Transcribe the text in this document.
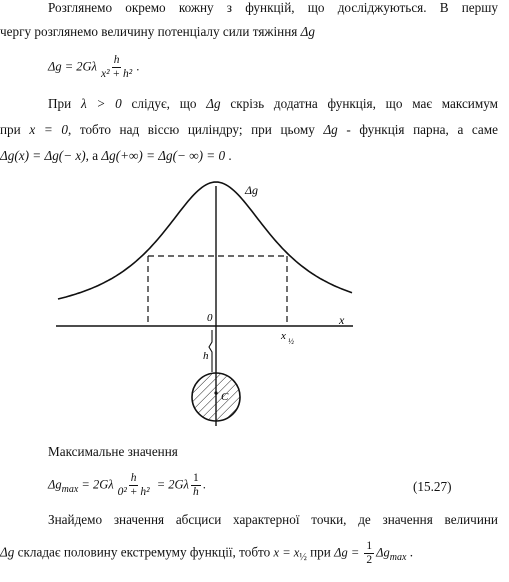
Розглянемо окремо кожну з функцій, що досліджуються. В першу
чергу розглянемо величину потенціалу сили тяжіння Δg
$\Delta g = 2G\lambda \frac{h}{\text{x² + h²}}$ .
При λ > 0 слідує, що Δg скрізь додатна функція, що має максимум
при x = 0, тобто над віссю циліндру; при цьому Δg - функція парна, а саме
Δg(x) = Δg(− x), а Δg(+∞) = Δg(− ∞) = 0 .
Δg
0	x
x ½
h
C
Максимальне значення
$\Delta g_{max} = 2G\lambda \frac{h}{\text{0² + h²}} = 2G\lambda \frac{1}{h}$ .	(15.27)
Знайдемо значення абсциси характерної точки, де значення величини
Δg складає половину екстремуму функції, тобто $x = x_{\frac{1}{2}}$ при $\Delta g = \frac{1}{2} \Delta g_{max}$ .
